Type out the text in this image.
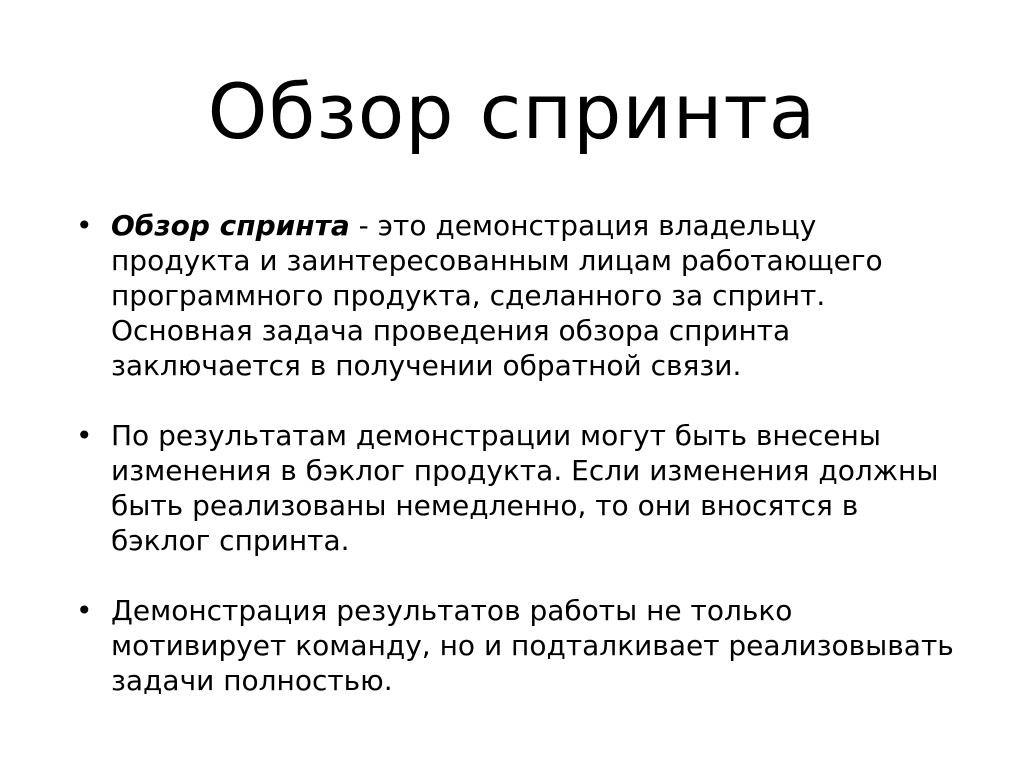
Обзор спринта
• Обзор спринта - это демонстрация владельцу продукта и заинтересованным лицам работающего программного продукта, сделанного за спринт. Основная задача проведения обзора спринта заключается в получении обратной связи.
• По результатам демонстрации могут быть внесены изменения в бэклог продукта. Если изменения должны быть реализованы немедленно, то они вносятся в бэклог спринта.
• Демонстрация результатов работы не только мотивирует команду, но и подталкивает реализовывать задачи полностью.
